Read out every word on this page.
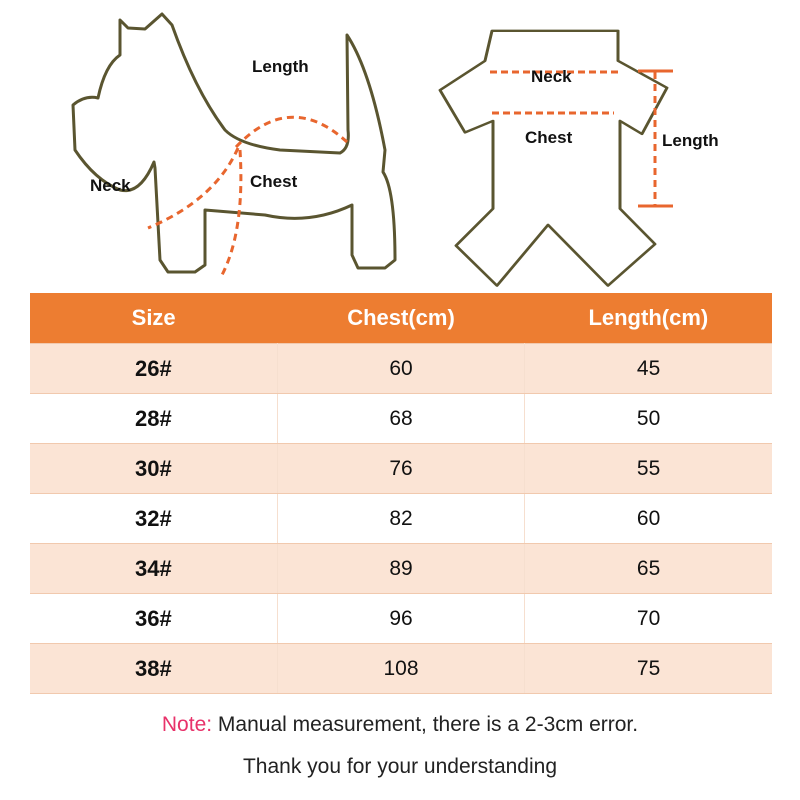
Length
Neck	Chest
Neck
Chest	Length
Size	Chest(cm)	Length(cm)
26#	60	45
28#	68	50
30#	76	55
32#	82	60
34#	89	65
36#	96	70
38#	108	75
Note: Manual measurement, there is a 2-3cm error.
Thank you for your understanding
